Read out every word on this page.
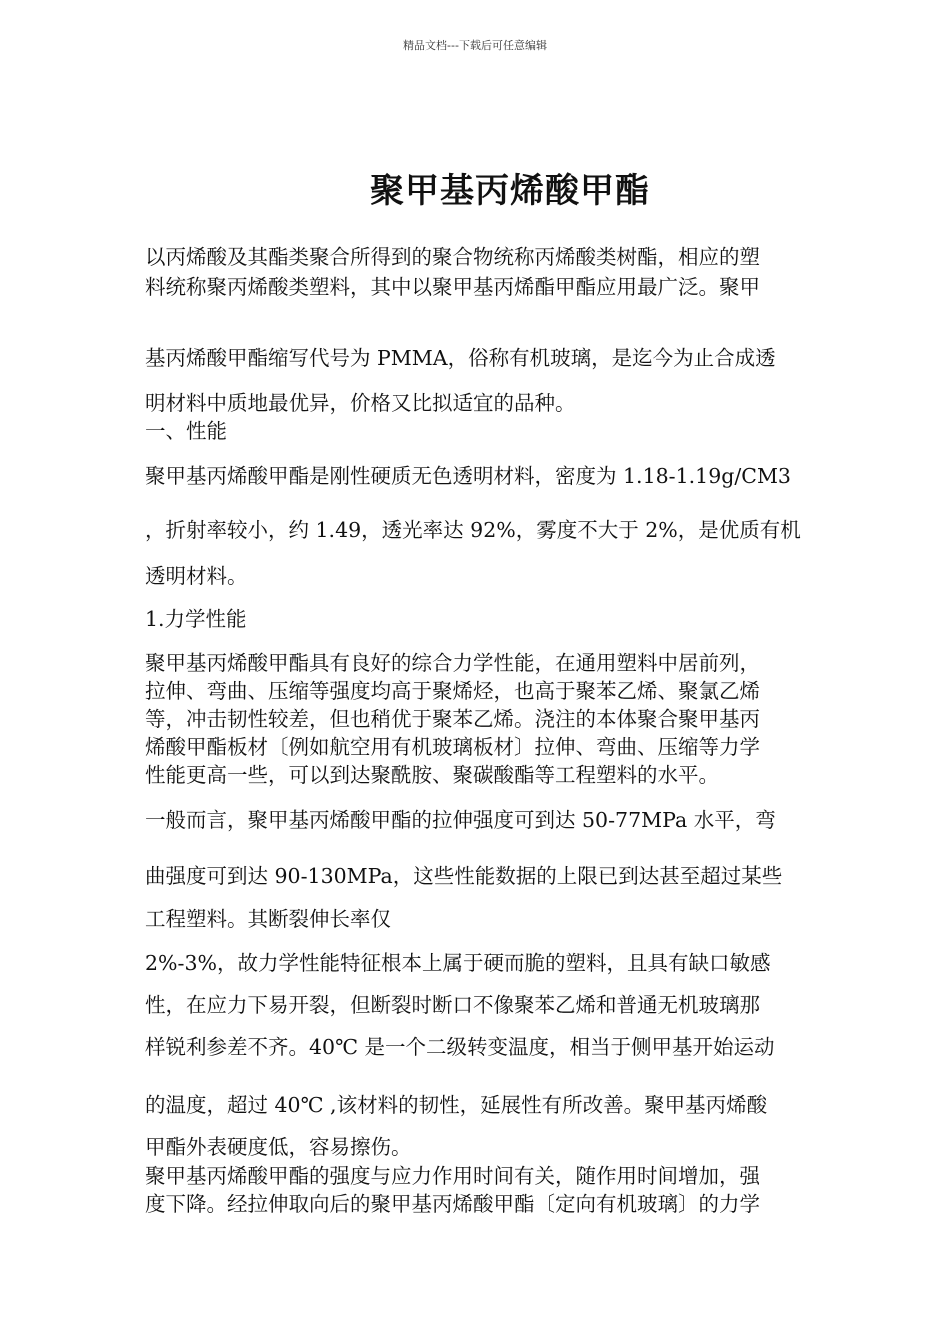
精品文档---下载后可任意编辑
聚甲基丙烯酸甲酯
以丙烯酸及其酯类聚合所得到的聚合物统称丙烯酸类树酯，相应的塑
料统称聚丙烯酸类塑料，其中以聚甲基丙烯酯甲酯应用最广泛。聚甲
基丙烯酸甲酯缩写代号为 PMMA，俗称有机玻璃，是迄今为止合成透
明材料中质地最优异，价格又比拟适宜的品种。
一、性能
聚甲基丙烯酸甲酯是刚性硬质无色透明材料，密度为 1.18-1.19g/CM3
，折射率较小，约 1.49，透光率达 92%，雾度不大于 2%，是优质有机
透明材料。
1.力学性能
聚甲基丙烯酸甲酯具有良好的综合力学性能，在通用塑料中居前列，
拉伸、弯曲、压缩等强度均高于聚烯烃，也高于聚苯乙烯、聚氯乙烯
等，冲击韧性较差，但也稍优于聚苯乙烯。浇注的本体聚合聚甲基丙
烯酸甲酯板材〔例如航空用有机玻璃板材〕拉伸、弯曲、压缩等力学
性能更高一些，可以到达聚酰胺、聚碳酸酯等工程塑料的水平。
一般而言，聚甲基丙烯酸甲酯的拉伸强度可到达 50-77MPa 水平，弯
曲强度可到达 90-130MPa，这些性能数据的上限已到达甚至超过某些
工程塑料。其断裂伸长率仅
2%-3%，故力学性能特征根本上属于硬而脆的塑料，且具有缺口敏感
性，在应力下易开裂，但断裂时断口不像聚苯乙烯和普通无机玻璃那
样锐利参差不齐。40℃ 是一个二级转变温度，相当于侧甲基开始运动
的温度，超过 40℃ ,该材料的韧性，延展性有所改善。聚甲基丙烯酸
甲酯外表硬度低，容易擦伤。
聚甲基丙烯酸甲酯的强度与应力作用时间有关，随作用时间增加，强
度下降。经拉伸取向后的聚甲基丙烯酸甲酯〔定向有机玻璃〕的力学
